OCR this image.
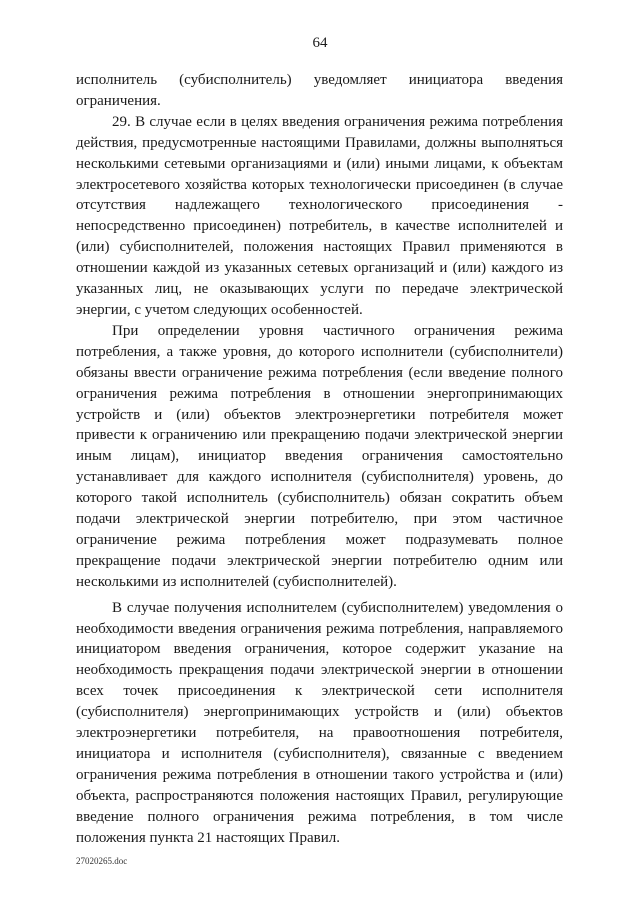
64

исполнитель (субисполнитель) уведомляет инициатора введения ограничения.

29. В случае если в целях введения ограничения режима потребления действия, предусмотренные настоящими Правилами, должны выполняться несколькими сетевыми организациями и (или) иными лицами, к объектам электросетевого хозяйства которых технологически присоединен (в случае отсутствия надлежащего технологического присоединения - непосредственно присоединен) потребитель, в качестве исполнителей и (или) субисполнителей, положения настоящих Правил применяются в отношении каждой из указанных сетевых организаций и (или) каждого из указанных лиц, не оказывающих услуги по передаче электрической энергии, с учетом следующих особенностей.

При определении уровня частичного ограничения режима потребления, а также уровня, до которого исполнители (субисполнители) обязаны ввести ограничение режима потребления (если введение полного ограничения режима потребления в отношении энергопринимающих устройств и (или) объектов электроэнергетики потребителя может привести к ограничению или прекращению подачи электрической энергии иным лицам), инициатор введения ограничения самостоятельно устанавливает для каждого исполнителя (субисполнителя) уровень, до которого такой исполнитель (субисполнитель) обязан сократить объем подачи электрической энергии потребителю, при этом частичное ограничение режима потребления может подразумевать полное прекращение подачи электрической энергии потребителю одним или несколькими из исполнителей (субисполнителей).

В случае получения исполнителем (субисполнителем) уведомления о необходимости введения ограничения режима потребления, направляемого инициатором введения ограничения, которое содержит указание на необходимость прекращения подачи электрической энергии в отношении всех точек присоединения к электрической сети исполнителя (субисполнителя) энергопринимающих устройств и (или) объектов электроэнергетики потребителя, на правоотношения потребителя, инициатора и исполнителя (субисполнителя), связанные с введением ограничения режима потребления в отношении такого устройства и (или) объекта, распространяются положения настоящих Правил, регулирующие введение полного ограничения режима потребления, в том числе положения пункта 21 настоящих Правил.

27020265.doc
